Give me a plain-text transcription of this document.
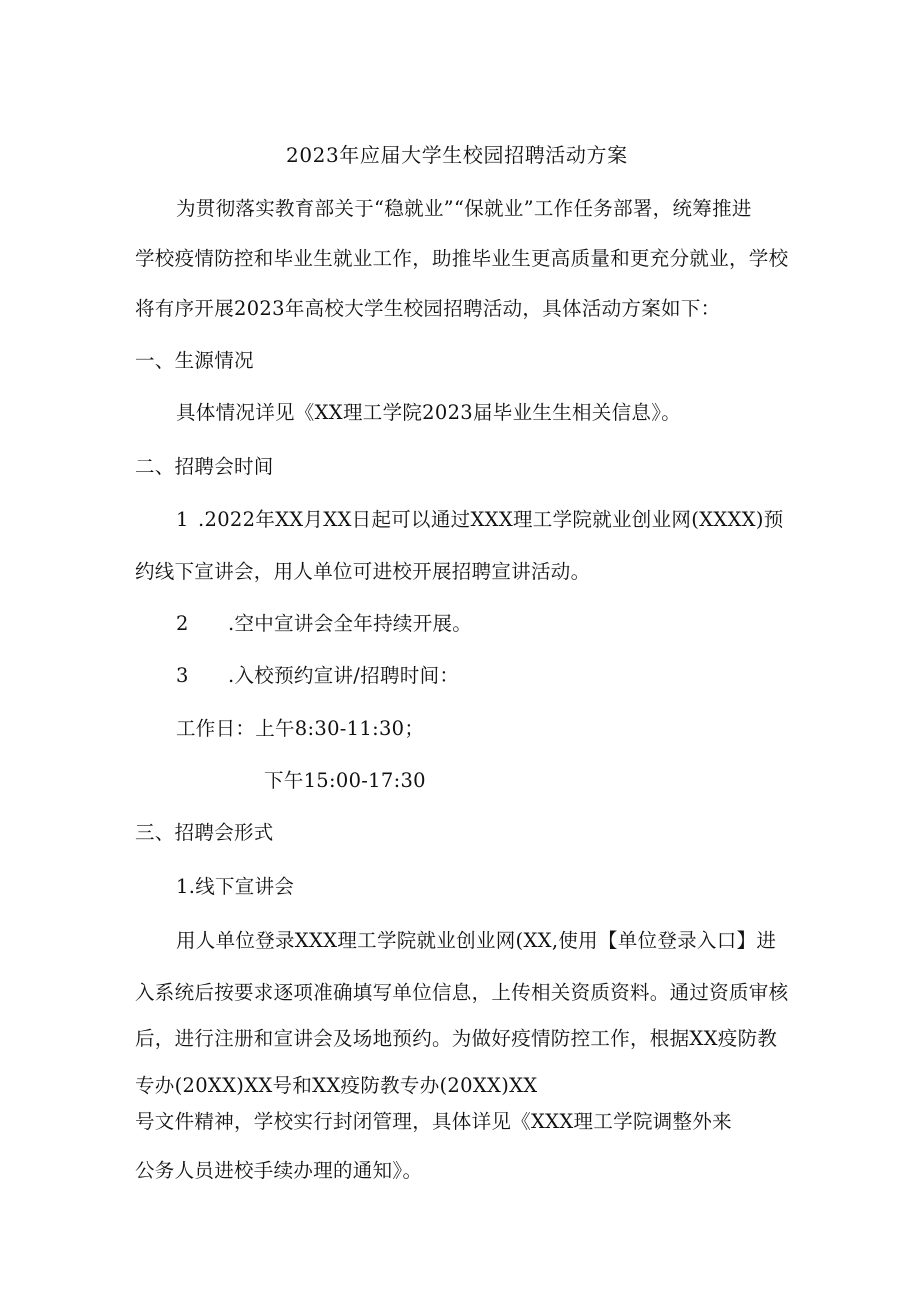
2023年应届大学生校园招聘活动方案
为贯彻落实教育部关于“稳就业”“保就业”工作任务部署，统筹推进
学校疫情防控和毕业生就业工作，助推毕业生更高质量和更充分就业，学校
将有序开展2023年高校大学生校园招聘活动，具体活动方案如下：
一、生源情况
具体情况详见《XX理工学院2023届毕业生生相关信息》。
二、招聘会时间
1 .2022年XX月XX日起可以通过XXX理工学院就业创业网(XXXX)预
约线下宣讲会，用人单位可进校开展招聘宣讲活动。
2 .空中宣讲会全年持续开展。
3 .入校预约宣讲/招聘时间：
工作日：上午8:30-11:30；
下午15:00-17:30
三、招聘会形式
1.线下宣讲会
用人单位登录XXX理工学院就业创业网(XX,使用【单位登录入口】进
入系统后按要求逐项准确填写单位信息，上传相关资质资料。通过资质审核
后，进行注册和宣讲会及场地预约。为做好疫情防控工作，根据XX疫防教
专办(20XX)XX号和XX疫防教专办(20XX)XX
号文件精神，学校实行封闭管理，具体详见《XXX理工学院调整外来
公务人员进校手续办理的通知》。
